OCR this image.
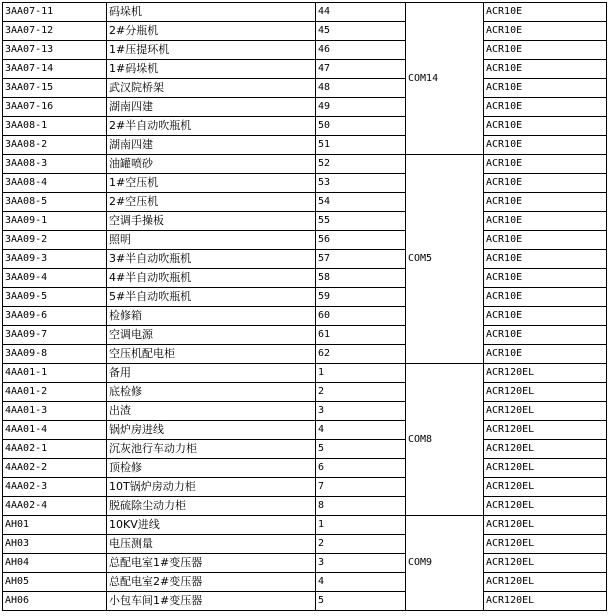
3AA07-11	码垛机	44	COM14	ACR10E
3AA07-12	2#分瓶机	45		ACR10E
3AA07-13	1#压提环机	46		ACR10E
3AA07-14	1#码垛机	47		ACR10E
3AA07-15	武汉院桥架	48		ACR10E
3AA07-16	湖南四建	49		ACR10E
3AA08-1	2#半自动吹瓶机	50		ACR10E
3AA08-2	湖南四建	51		ACR10E
3AA08-3	油罐喷砂	52	COM5	ACR10E
3AA08-4	1#空压机	53		ACR10E
3AA08-5	2#空压机	54		ACR10E
3AA09-1	空调手操板	55		ACR10E
3AA09-2	照明	56		ACR10E
3AA09-3	3#半自动吹瓶机	57		ACR10E
3AA09-4	4#半自动吹瓶机	58		ACR10E
3AA09-5	5#半自动吹瓶机	59		ACR10E
3AA09-6	检修箱	60		ACR10E
3AA09-7	空调电源	61		ACR10E
3AA09-8	空压机配电柜	62		ACR10E
4AA01-1	备用	1	COM8	ACR120EL
4AA01-2	底检修	2		ACR120EL
4AA01-3	出渣	3		ACR120EL
4AA01-4	锅炉房进线	4		ACR120EL
4AA02-1	沉灰池行车动力柜	5		ACR120EL
4AA02-2	顶检修	6		ACR120EL
4AA02-3	10T锅炉房动力柜	7		ACR120EL
4AA02-4	脱硫除尘动力柜	8		ACR120EL
AH01	10KV进线	1	COM9	ACR120EL
AH03	电压测量	2		ACR120EL
AH04	总配电室1#变压器	3		ACR120EL
AH05	总配电室2#变压器	4		ACR120EL
AH06	小包车间1#变压器	5		ACR120EL
